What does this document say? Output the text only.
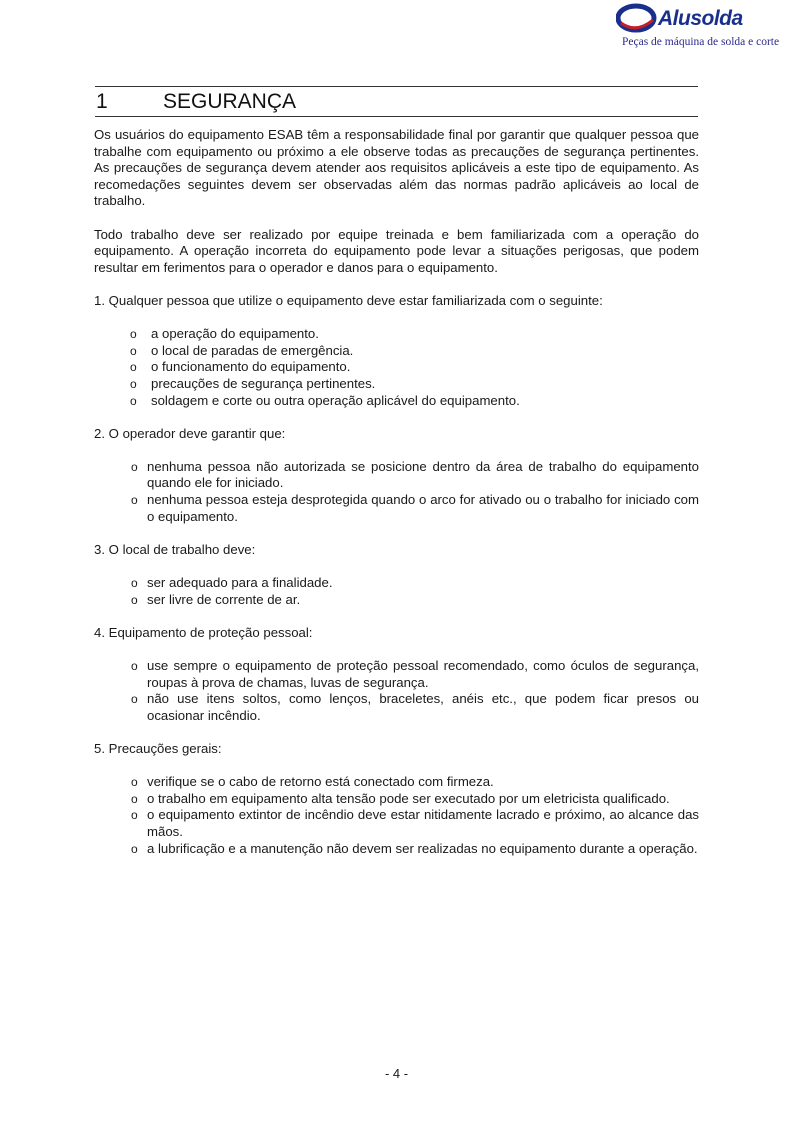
Alusolda
Peças de máquina de solda e corte
1	SEGURANÇA

Os usuários do equipamento ESAB têm a responsabilidade final por garantir que qualquer pessoa que trabalhe com equipamento ou próximo a ele observe todas as precauções de segurança pertinentes. As precauções de segurança devem atender aos requisitos aplicáveis a este tipo de equipamento. As recomedações seguintes devem ser observadas além das normas padrão aplicáveis ao local de trabalho.

Todo trabalho deve ser realizado por equipe treinada e bem familiarizada com a operação do equipamento. A operação incorreta do equipamento pode levar a situações perigosas, que podem resultar em ferimentos para o operador e danos para o equipamento.

1. Qualquer pessoa que utilize o equipamento deve estar familiarizada com o seguinte:

o a operação do equipamento.
o o local de paradas de emergência.
o o funcionamento do equipamento.
o precauções de segurança pertinentes.
o soldagem e corte ou outra operação aplicável do equipamento.

2. O operador deve garantir que:

o nenhuma pessoa não autorizada se posicione dentro da área de trabalho do equipamento quando ele for iniciado.
o nenhuma pessoa esteja desprotegida quando o arco for ativado ou o trabalho for iniciado com o equipamento.

3. O local de trabalho deve:

o ser adequado para a finalidade.
o ser livre de corrente de ar.

4. Equipamento de proteção pessoal:

o use sempre o equipamento de proteção pessoal recomendado, como óculos de segurança, roupas à prova de chamas, luvas de segurança.
o não use itens soltos, como lenços, braceletes, anéis etc., que podem ficar presos ou ocasionar incêndio.

5. Precauções gerais:

o verifique se o cabo de retorno está conectado com firmeza.
o o trabalho em equipamento alta tensão pode ser executado por um eletricista qualificado.
o o equipamento extintor de incêndio deve estar nitidamente lacrado e próximo, ao alcance das mãos.
o a lubrificação e a manutenção não devem ser realizadas no equipamento durante a operação.
- 4 -
